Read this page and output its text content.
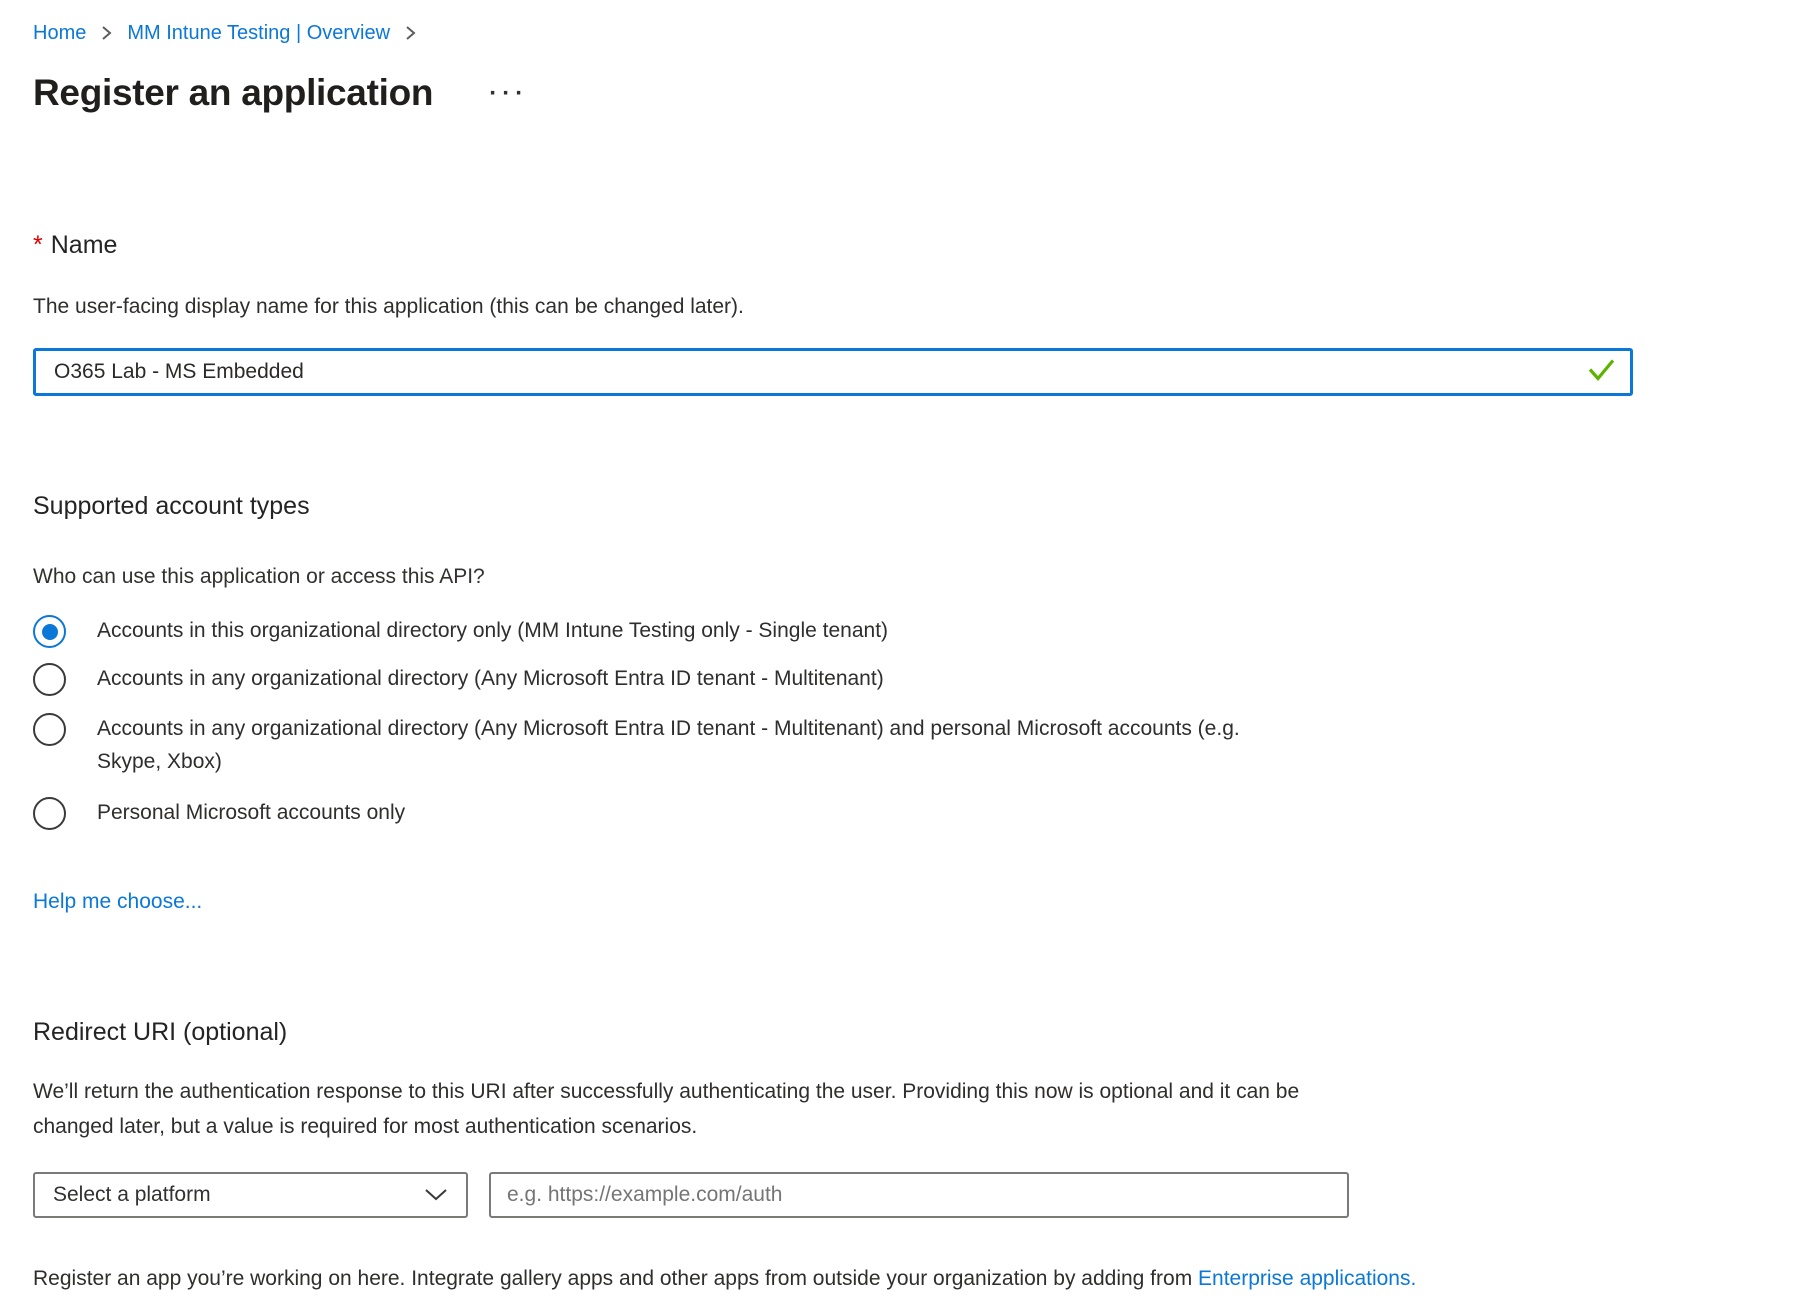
Home MM Intune Testing | Overview
Register an application ···
* Name

The user-facing display name for this application (this can be changed later).

O365 Lab - MS Embedded
Supported account types

Who can use this application or access this API?

Accounts in this organizational directory only (MM Intune Testing only - Single tenant)
Accounts in any organizational directory (Any Microsoft Entra ID tenant - Multitenant)
Accounts in any organizational directory (Any Microsoft Entra ID tenant - Multitenant) and personal Microsoft accounts (e.g. Skype, Xbox)
Personal Microsoft accounts only
Help me choose...
Redirect URI (optional)

We’ll return the authentication response to this URI after successfully authenticating the user. Providing this now is optional and it can be changed later, but a value is required for most authentication scenarios.

Select a platform
e.g. https://example.com/auth

Register an app you’re working on here. Integrate gallery apps and other apps from outside your organization by adding from Enterprise applications.
